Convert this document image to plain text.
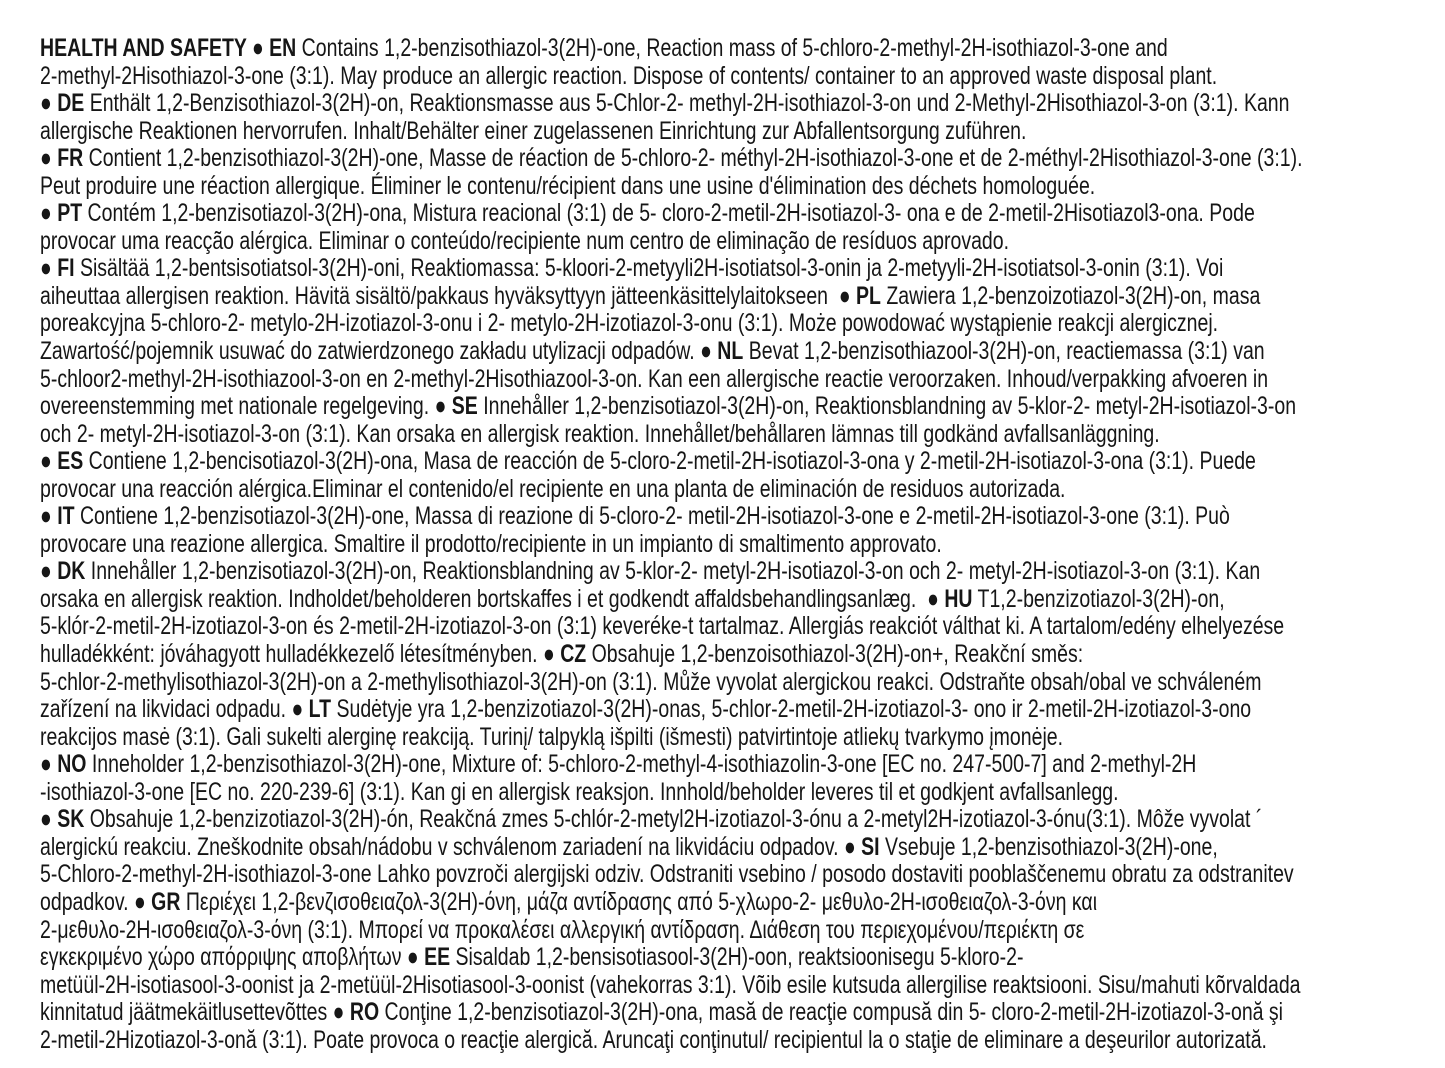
HEALTH AND SAFETY ● EN Contains 1,2-benzisothiazol-3(2H)-one, Reaction mass of 5-chloro-2-methyl-2H-isothiazol-3-one and
2-methyl-2Hisothiazol-3-one (3:1). May produce an allergic reaction. Dispose of contents/ container to an approved waste disposal plant.
● DE Enthält 1,2-Benzisothiazol-3(2H)-on, Reaktionsmasse aus 5-Chlor-2- methyl-2H-isothiazol-3-on und 2-Methyl-2Hisothiazol-3-on (3:1). Kann
allergische Reaktionen hervorrufen. Inhalt/Behälter einer zugelassenen Einrichtung zur Abfallentsorgung zuführen.
● FR Contient 1,2-benzisothiazol-3(2H)-one, Masse de réaction de 5-chloro-2- méthyl-2H-isothiazol-3-one et de 2-méthyl-2Hisothiazol-3-one (3:1).
Peut produire une réaction allergique. Éliminer le contenu/récipient dans une usine d'élimination des déchets homologuée.
● PT Contém 1,2-benzisotiazol-3(2H)-ona, Mistura reacional (3:1) de 5- cloro-2-metil-2H-isotiazol-3- ona e de 2-metil-2Hisotiazol3-ona. Pode
provocar uma reacção alérgica. Eliminar o conteúdo/recipiente num centro de eliminação de resíduos aprovado.
● FI Sisältää 1,2-bentsisotiatsol-3(2H)-oni, Reaktiomassa: 5-kloori-2-metyyli2H-isotiatsol-3-onin ja 2-metyyli-2H-isotiatsol-3-onin (3:1). Voi
aiheuttaa allergisen reaktion. Hävitä sisältö/pakkaus hyväksyttyyn jätteenkäsittelylaitokseen  ● PL Zawiera 1,2-benzoizotiazol-3(2H)-on, masa
poreakcyjna 5-chloro-2- metylo-2H-izotiazol-3-onu i 2- metylo-2H-izotiazol-3-onu (3:1). Może powodować wystąpienie reakcji alergicznej.
Zawartość/pojemnik usuwać do zatwierdzonego zakładu utylizacji odpadów. ● NL Bevat 1,2-benzisothiazool-3(2H)-on, reactiemassa (3:1) van
5-chloor2-methyl-2H-isothiazool-3-on en 2-methyl-2Hisothiazool-3-on. Kan een allergische reactie veroorzaken. Inhoud/verpakking afvoeren in
overeenstemming met nationale regelgeving. ● SE Innehåller 1,2-benzisotiazol-3(2H)-on, Reaktionsblandning av 5-klor-2- metyl-2H-isotiazol-3-on
och 2- metyl-2H-isotiazol-3-on (3:1). Kan orsaka en allergisk reaktion. Innehållet/behållaren lämnas till godkänd avfallsanläggning.
● ES Contiene 1,2-bencisotiazol-3(2H)-ona, Masa de reacción de 5-cloro-2-metil-2H-isotiazol-3-ona y 2-metil-2H-isotiazol-3-ona (3:1). Puede
provocar una reacción alérgica.Eliminar el contenido/el recipiente en una planta de eliminación de residuos autorizada.
● IT Contiene 1,2-benzisotiazol-3(2H)-one, Massa di reazione di 5-cloro-2- metil-2H-isotiazol-3-one e 2-metil-2H-isotiazol-3-one (3:1). Può
provocare una reazione allergica. Smaltire il prodotto/recipiente in un impianto di smaltimento approvato.
● DK Innehåller 1,2-benzisotiazol-3(2H)-on, Reaktionsblandning av 5-klor-2- metyl-2H-isotiazol-3-on och 2- metyl-2H-isotiazol-3-on (3:1). Kan
orsaka en allergisk reaktion. Indholdet/beholderen bortskaffes i et godkendt affaldsbehandlingsanlæg.  ● HU T1,2-benzizotiazol-3(2H)-on,
5-klór-2-metil-2H-izotiazol-3-on és 2-metil-2H-izotiazol-3-on (3:1) keveréke-t tartalmaz. Allergiás reakciót válthat ki. A tartalom/edény elhelyezése
hulladékként: jóváhagyott hulladékkezelő létesítményben. ● CZ Obsahuje 1,2-benzoisothiazol-3(2H)-on+, Reakční směs:
5-chlor-2-methylisothiazol-3(2H)-on a 2-methylisothiazol-3(2H)-on (3:1). Může vyvolat alergickou reakci. Odstraňte obsah/obal ve schváleném
zařízení na likvidaci odpadu. ● LT Sudėtyje yra 1,2-benzizotiazol-3(2H)-onas, 5-chlor-2-metil-2H-izotiazol-3- ono ir 2-metil-2H-izotiazol-3-ono
reakcijos masė (3:1). Gali sukelti alerginę reakciją. Turinį/ talpyklą išpilti (išmesti) patvirtintoje atliekų tvarkymo įmonėje.
● NO Inneholder 1,2-benzisothiazol-3(2H)-one, Mixture of: 5-chloro-2-methyl-4-isothiazolin-3-one [EC no. 247-500-7] and 2-methyl-2H
-isothiazol-3-one [EC no. 220-239-6] (3:1). Kan gi en allergisk reaksjon. Innhold/beholder leveres til et godkjent avfallsanlegg.
● SK Obsahuje 1,2-benzizotiazol-3(2H)-ón, Reakčná zmes 5-chlór-2-metyl2H-izotiazol-3-ónu a 2-metyl2H-izotiazol-3-ónu(3:1). Môže vyvolat ´
alergickú reakciu. Zneškodnite obsah/nádobu v schválenom zariadení na likvidáciu odpadov. ● SI Vsebuje 1,2-benzisothiazol-3(2H)-one,
5-Chloro-2-methyl-2H-isothiazol-3-one Lahko povzroči alergijski odziv. Odstraniti vsebino / posodo dostaviti pooblaščenemu obratu za odstranitev
odpadkov. ● GR Περιέχει 1,2-βενζισοθειαζολ-3(2H)-όνη, μάζα αντίδρασης από 5-χλωρο-2- μεθυλο-2H-ισοθειαζολ-3-όνη και
2-μεθυλο-2H-ισοθειαζολ-3-όνη (3:1). Μπορεί να προκαλέσει αλλεργική αντίδραση. Διάθεση του περιεχομένου/περιέκτη σε
εγκεκριμένο χώρο απόρριψης αποβλήτων ● EE Sisaldab 1,2-bensisotiasool-3(2H)-oon, reaktsioonisegu 5-kloro-2-
metüül-2H-isotiasool-3-oonist ja 2-metüül-2Hisotiasool-3-oonist (vahekorras 3:1). Võib esile kutsuda allergilise reaktsiooni. Sisu/mahuti kõrvaldada
kinnitatud jäätmekäitlusettevõttes ● RO Conţine 1,2-benzisotiazol-3(2H)-ona, masă de reacţie compusă din 5- cloro-2-metil-2H-izotiazol-3-onă şi
2-metil-2Hizotiazol-3-onă (3:1). Poate provoca o reacţie alergică. Aruncaţi conţinutul/ recipientul la o staţie de eliminare a deşeurilor autorizată.
